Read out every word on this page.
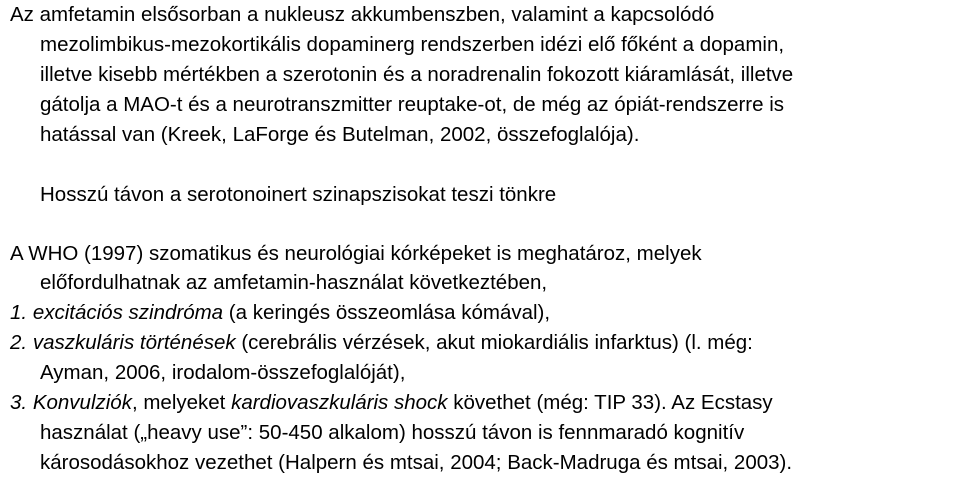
Az amfetamin elsősorban a nukleusz akkumbenszben, valamint a kapcsolódó
mezolimbikus-mezokortikális dopaminerg rendszerben idézi elő főként a dopamin,
illetve kisebb mértékben a szerotonin és a noradrenalin fokozott kiáramlását, illetve
gátolja a MAO-t és a neurotranszmitter reuptake-ot, de még az ópiát-rendszerre is
hatással van (Kreek, LaForge és Butelman, 2002, összefoglalója).
Hosszú távon a serotonoinert szinapszisokat teszi tönkre
A WHO (1997) szomatikus és neurológiai kórképeket is meghatároz, melyek
előfordulhatnak az amfetamin-használat következtében,
1. excitációs szindróma (a keringés összeomlása kómával),
2. vaszkuláris történések (cerebrális vérzések, akut miokardiális infarktus) (l. még:
Ayman, 2006, irodalom-összefoglalóját),
3. Konvulziók, melyeket kardiovaszkuláris shock követhet (még: TIP 33). Az Ecstasy
használat („heavy use”: 50-450 alkalom) hosszú távon is fennmaradó kognitív
károsodásokhoz vezethet (Halpern és mtsai, 2004; Back-Madruga és mtsai, 2003).
